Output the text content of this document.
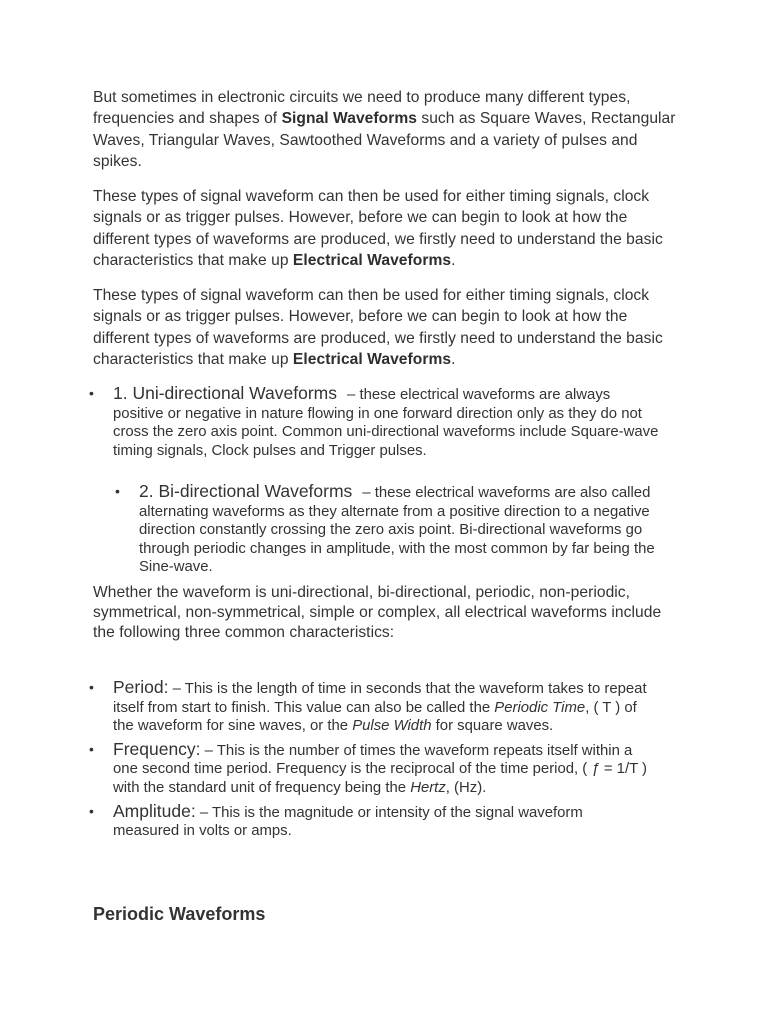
But sometimes in electronic circuits we need to produce many different types, frequencies and shapes of Signal Waveforms such as Square Waves, Rectangular Waves, Triangular Waves, Sawtoothed Waveforms and a variety of pulses and spikes.

These types of signal waveform can then be used for either timing signals, clock signals or as trigger pulses. However, before we can begin to look at how the different types of waveforms are produced, we firstly need to understand the basic characteristics that make up Electrical Waveforms.

These types of signal waveform can then be used for either timing signals, clock signals or as trigger pulses. However, before we can begin to look at how the different types of waveforms are produced, we firstly need to understand the basic characteristics that make up Electrical Waveforms.

• 1. Uni-directional Waveforms – these electrical waveforms are always positive or negative in nature flowing in one forward direction only as they do not cross the zero axis point. Common uni-directional waveforms include Square-wave timing signals, Clock pulses and Trigger pulses.
• 2. Bi-directional Waveforms – these electrical waveforms are also called alternating waveforms as they alternate from a positive direction to a negative direction constantly crossing the zero axis point. Bi-directional waveforms go through periodic changes in amplitude, with the most common by far being the Sine-wave.

Whether the waveform is uni-directional, bi-directional, periodic, non-periodic, symmetrical, non-symmetrical, simple or complex, all electrical waveforms include the following three common characteristics:

• Period: – This is the length of time in seconds that the waveform takes to repeat itself from start to finish. This value can also be called the Periodic Time, ( T ) of the waveform for sine waves, or the Pulse Width for square waves.
• Frequency: – This is the number of times the waveform repeats itself within a one second time period. Frequency is the reciprocal of the time period, ( ƒ = 1/T ) with the standard unit of frequency being the Hertz, (Hz).
• Amplitude: – This is the magnitude or intensity of the signal waveform measured in volts or amps.
Periodic Waveforms
